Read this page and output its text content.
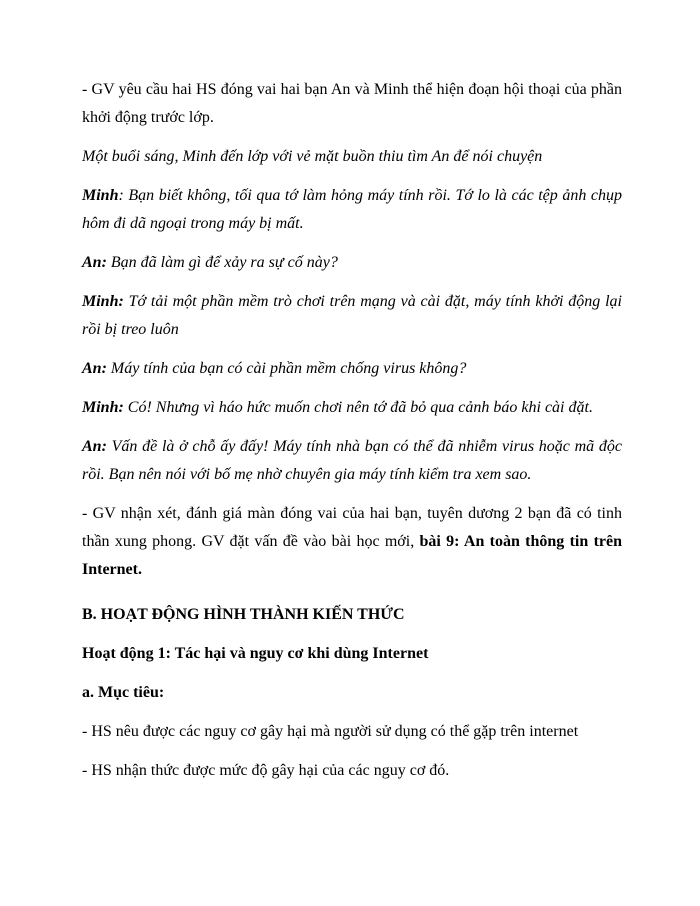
- GV yêu cầu hai HS đóng vai hai bạn An và Minh thể hiện đoạn hội thoại của phần khởi động trước lớp.

Một buổi sáng, Minh đến lớp với vẻ mặt buồn thiu tìm An để nói chuyện

Minh: Bạn biết không, tối qua tớ làm hỏng máy tính rồi. Tớ lo là các tệp ảnh chụp hôm đi dã ngoại trong máy bị mất.

An: Bạn đã làm gì để xảy ra sự cố này?

Minh: Tớ tải một phần mềm trò chơi trên mạng và cài đặt, máy tính khởi động lại rồi bị treo luôn

An: Máy tính của bạn có cài phần mềm chống virus không?

Minh: Có! Nhưng vì háo hức muốn chơi nên tớ đã bỏ qua cảnh báo khi cài đặt.

An: Vấn đề là ở chỗ ấy đấy! Máy tính nhà bạn có thể đã nhiễm virus hoặc mã độc rồi. Bạn nên nói với bố mẹ nhờ chuyên gia máy tính kiểm tra xem sao.

- GV nhận xét, đánh giá màn đóng vai của hai bạn, tuyên dương 2 bạn đã có tinh thần xung phong. GV đặt vấn đề vào bài học mới, bài 9: An toàn thông tin trên Internet.

B. HOẠT ĐỘNG HÌNH THÀNH KIẾN THỨC

Hoạt động 1: Tác hại và nguy cơ khi dùng Internet

a. Mục tiêu:

- HS nêu được các nguy cơ gây hại mà người sử dụng có thể gặp trên internet

- HS nhận thức được mức độ gây hại của các nguy cơ đó.
